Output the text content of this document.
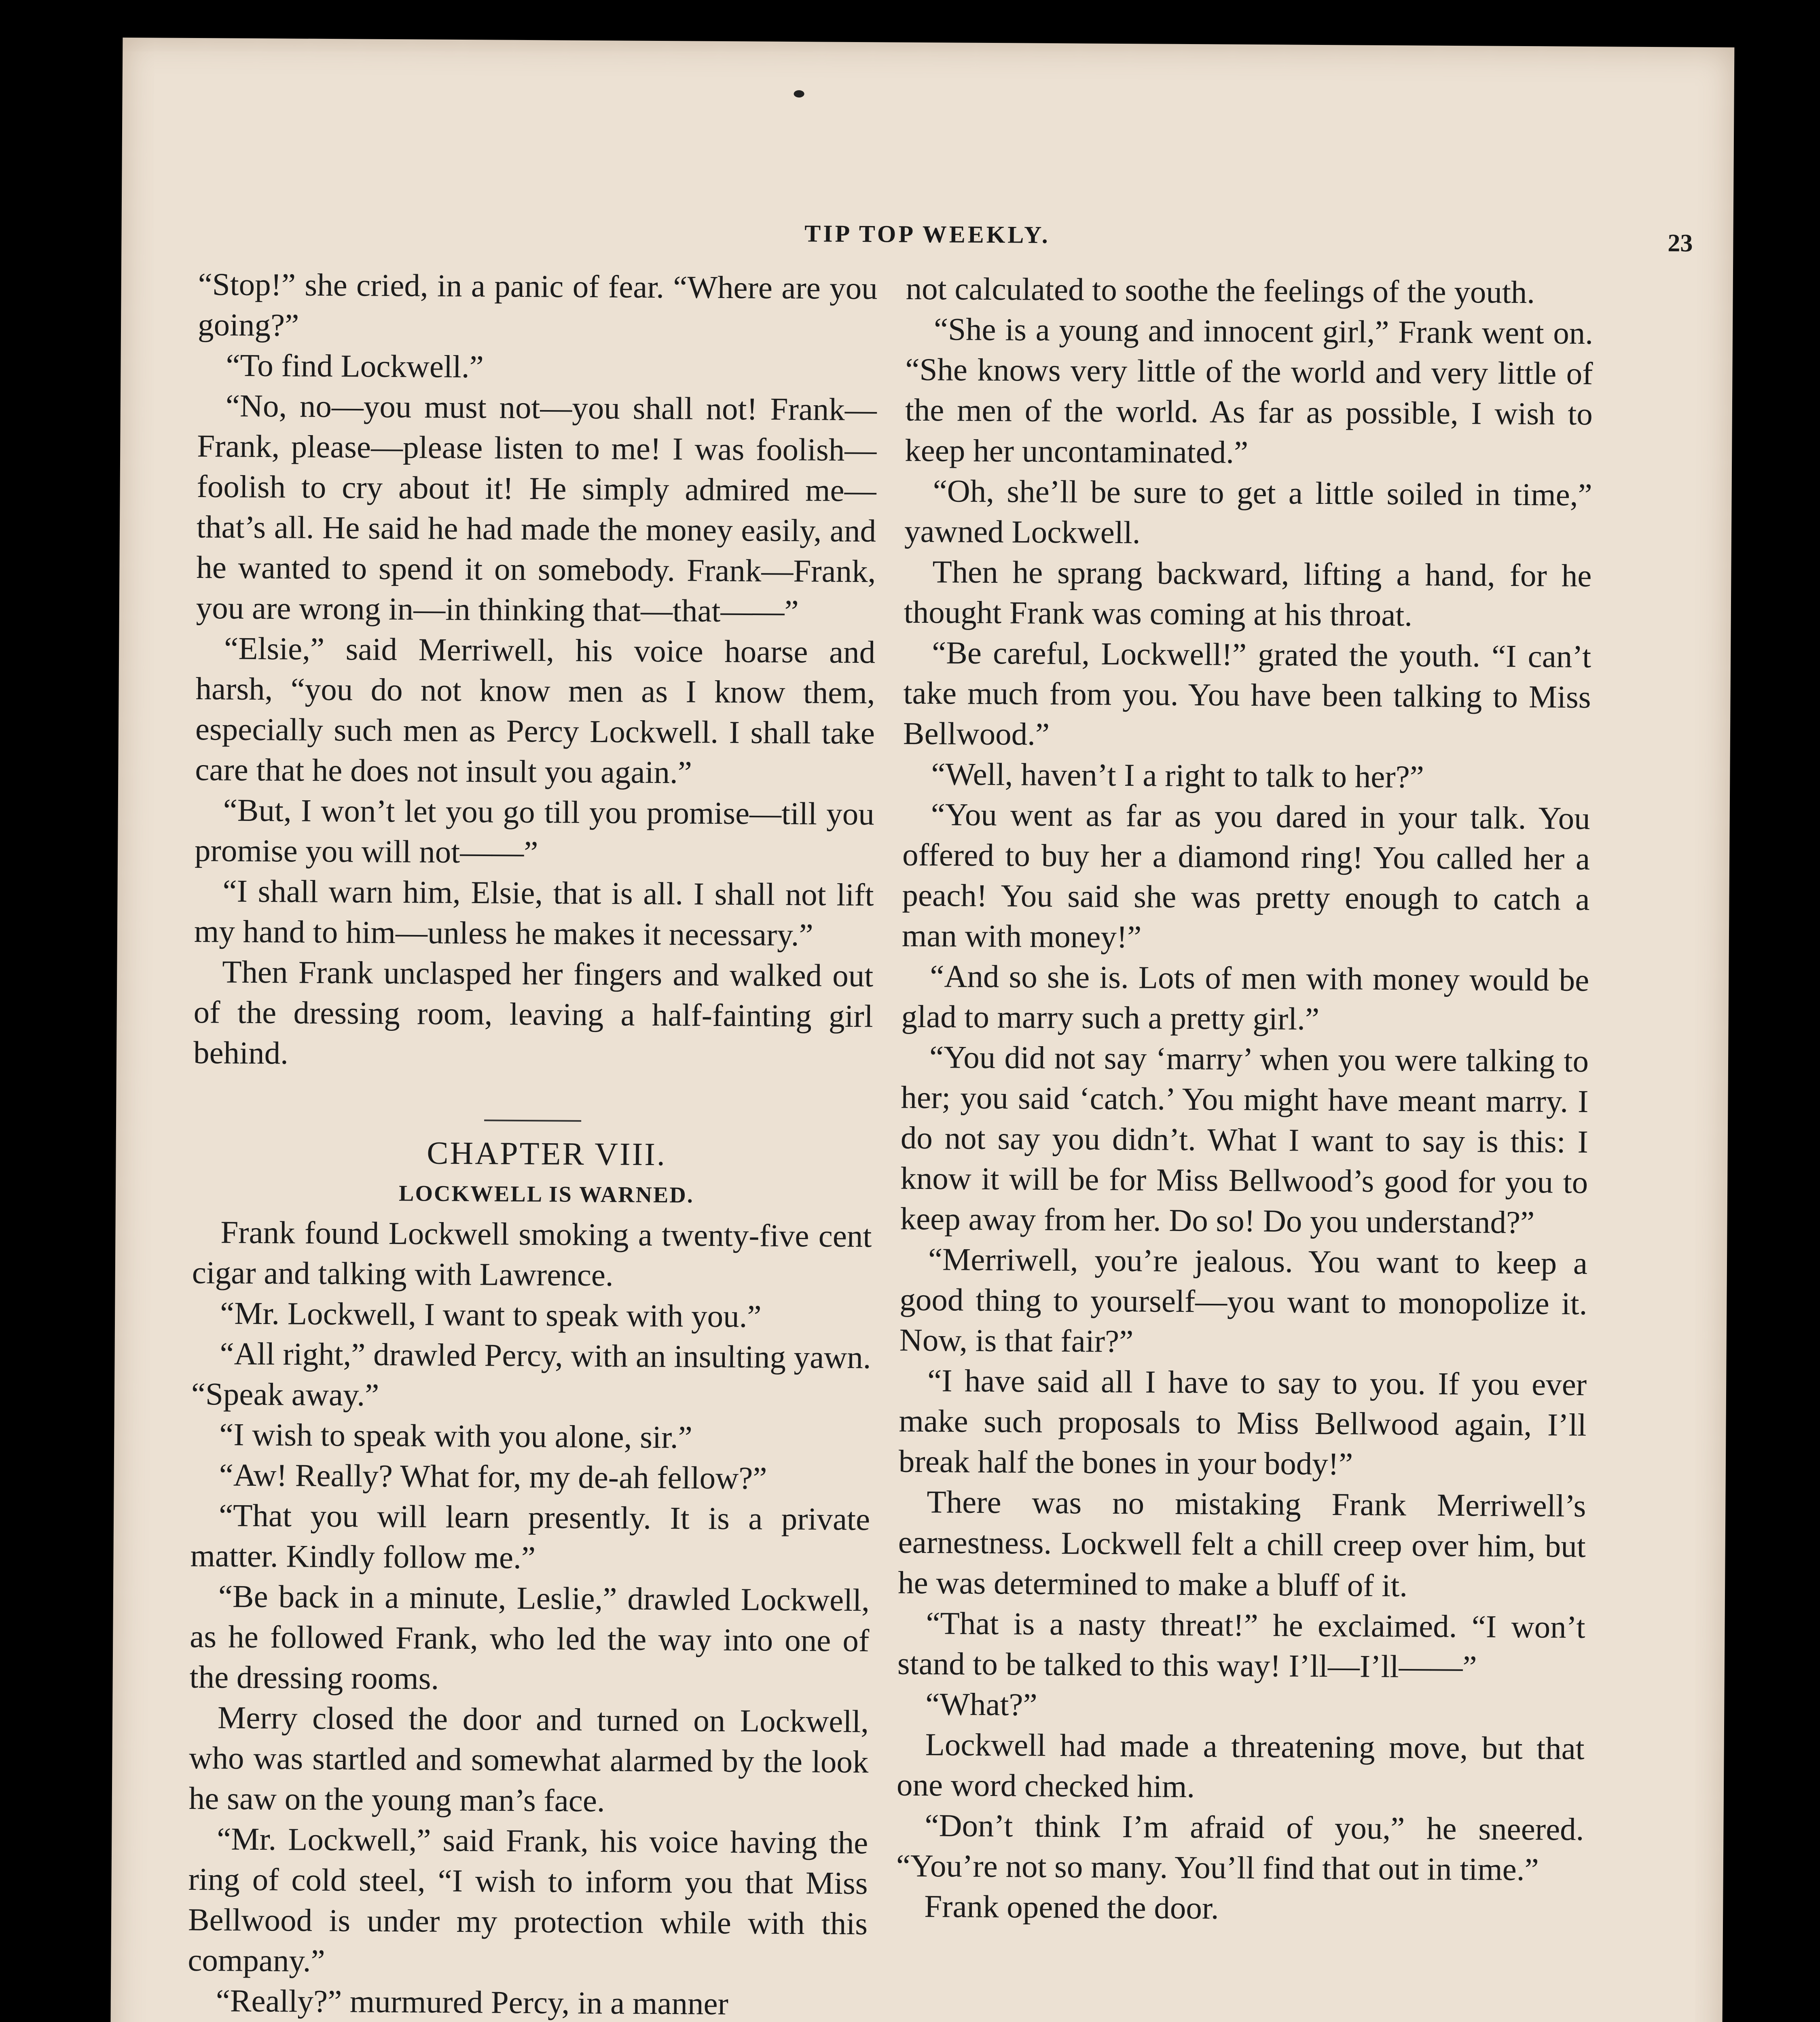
TIP TOP WEEKLY.	23

“Stop!” she cried, in a panic of fear. “Where are you going?”

“To find Lockwell.”

“No, no—you must not—you shall not! Frank—Frank, please—please listen to me! I was foolish—foolish to cry about it! He simply admired me—that’s all. He said he had made the money easily, and he wanted to spend it on somebody. Frank—Frank, you are wrong in—in thinking that—that——”

“Elsie,” said Merriwell, his voice hoarse and harsh, “you do not know men as I know them, especially such men as Percy Lockwell. I shall take care that he does not insult you again.”

“But, I won’t let you go till you promise—till you promise you will not——”

“I shall warn him, Elsie, that is all. I shall not lift my hand to him—unless he makes it necessary.”

Then Frank unclasped her fingers and walked out of the dressing room, leaving a half-fainting girl behind.

CHAPTER VIII.

LOCKWELL IS WARNED.

Frank found Lockwell smoking a twenty-five cent cigar and talking with Lawrence.

“Mr. Lockwell, I want to speak with you.”

“All right,” drawled Percy, with an insulting yawn. “Speak away.”

“I wish to speak with you alone, sir.”

“Aw! Really? What for, my de-ah fellow?”

“That you will learn presently. It is a private matter. Kindly follow me.”

“Be back in a minute, Leslie,” drawled Lockwell, as he followed Frank, who led the way into one of the dressing rooms.

Merry closed the door and turned on Lockwell, who was startled and somewhat alarmed by the look he saw on the young man’s face.

“Mr. Lockwell,” said Frank, his voice having the ring of cold steel, “I wish to inform you that Miss Bellwood is under my protection while with this company.”

“Really?” murmured Percy, in a manner

not calculated to soothe the feelings of the youth.

“She is a young and innocent girl,” Frank went on. “She knows very little of the world and very little of the men of the world. As far as possible, I wish to keep her uncontaminated.”

“Oh, she’ll be sure to get a little soiled in time,” yawned Lockwell.

Then he sprang backward, lifting a hand, for he thought Frank was coming at his throat.

“Be careful, Lockwell!” grated the youth. “I can’t take much from you. You have been talking to Miss Bellwood.”

“Well, haven’t I a right to talk to her?”

“You went as far as you dared in your talk. You offered to buy her a diamond ring! You called her a peach! You said she was pretty enough to catch a man with money!”

“And so she is. Lots of men with money would be glad to marry such a pretty girl.”

“You did not say ‘marry’ when you were talking to her; you said ‘catch.’ You might have meant marry. I do not say you didn’t. What I want to say is this: I know it will be for Miss Bellwood’s good for you to keep away from her. Do so! Do you understand?”

“Merriwell, you’re jealous. You want to keep a good thing to yourself—you want to monopolize it. Now, is that fair?”

“I have said all I have to say to you. If you ever make such proposals to Miss Bellwood again, I’ll break half the bones in your body!”

There was no mistaking Frank Merriwell’s earnestness. Lockwell felt a chill creep over him, but he was determined to make a bluff of it.

“That is a nasty threat!” he exclaimed. “I won’t stand to be talked to this way! I’ll—I’ll——”

“What?”

Lockwell had made a threatening move, but that one word checked him.

“Don’t think I’m afraid of you,” he sneered. “You’re not so many. You’ll find that out in time.”

Frank opened the door.
